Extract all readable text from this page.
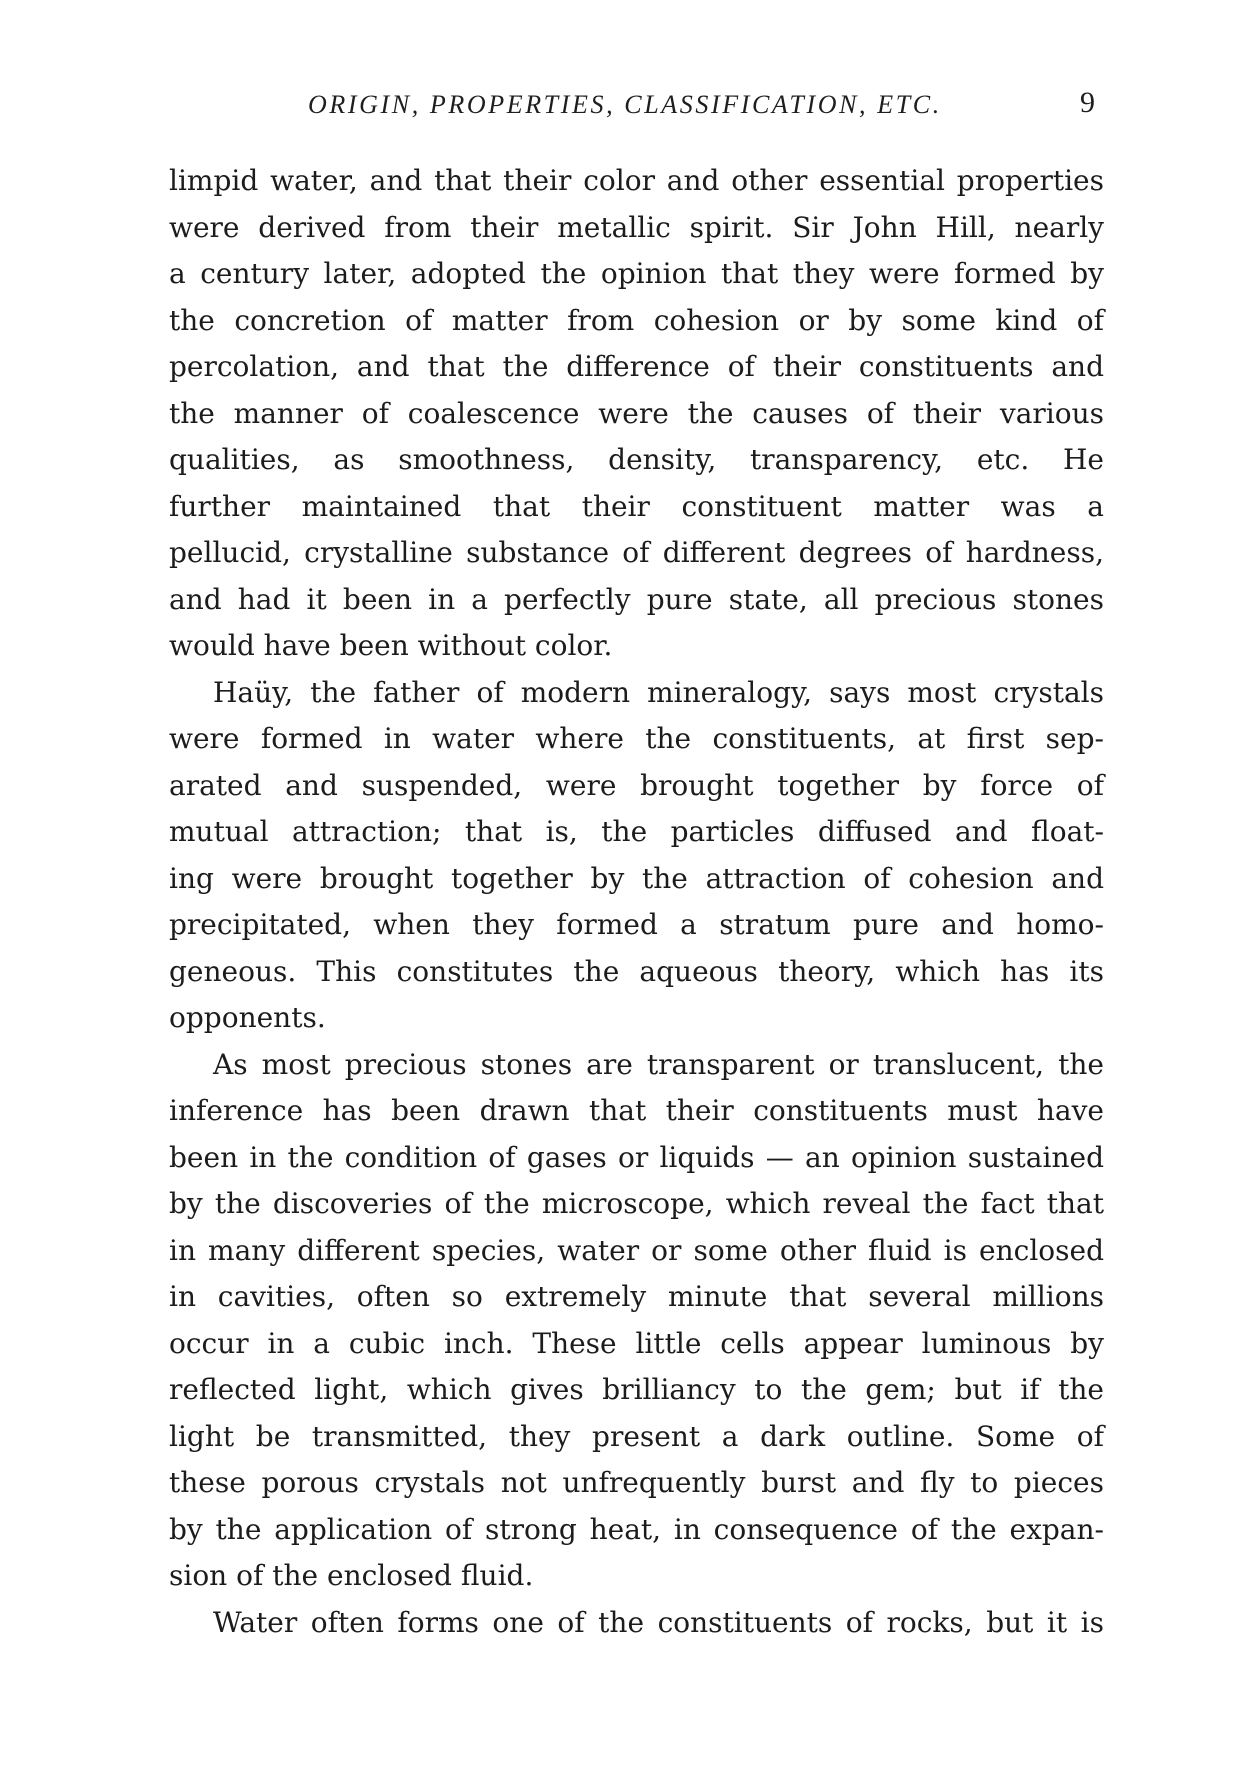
ORIGIN, PROPERTIES, CLASSIFICATION, ETC.	9
limpid water, and that their color and other essential properties
were derived from their metallic spirit. Sir John Hill, nearly
a century later, adopted the opinion that they were formed by
the concretion of matter from cohesion or by some kind of
percolation, and that the difference of their constituents and
the manner of coalescence were the causes of their various
qualities, as smoothness, density, transparency, etc. He
further maintained that their constituent matter was a
pellucid, crystalline substance of different degrees of hardness,
and had it been in a perfectly pure state, all precious stones
would have been without color.
Haüy, the father of modern mineralogy, says most crystals
were formed in water where the constituents, at first sep-
arated and suspended, were brought together by force of
mutual attraction; that is, the particles diffused and float-
ing were brought together by the attraction of cohesion and
precipitated, when they formed a stratum pure and homo-
geneous. This constitutes the aqueous theory, which has its
opponents.
As most precious stones are transparent or translucent, the
inference has been drawn that their constituents must have
been in the condition of gases or liquids — an opinion sustained
by the discoveries of the microscope, which reveal the fact that
in many different species, water or some other fluid is enclosed
in cavities, often so extremely minute that several millions
occur in a cubic inch. These little cells appear luminous by
reflected light, which gives brilliancy to the gem; but if the
light be transmitted, they present a dark outline. Some of
these porous crystals not unfrequently burst and fly to pieces
by the application of strong heat, in consequence of the expan-
sion of the enclosed fluid.
Water often forms one of the constituents of rocks, but it is
